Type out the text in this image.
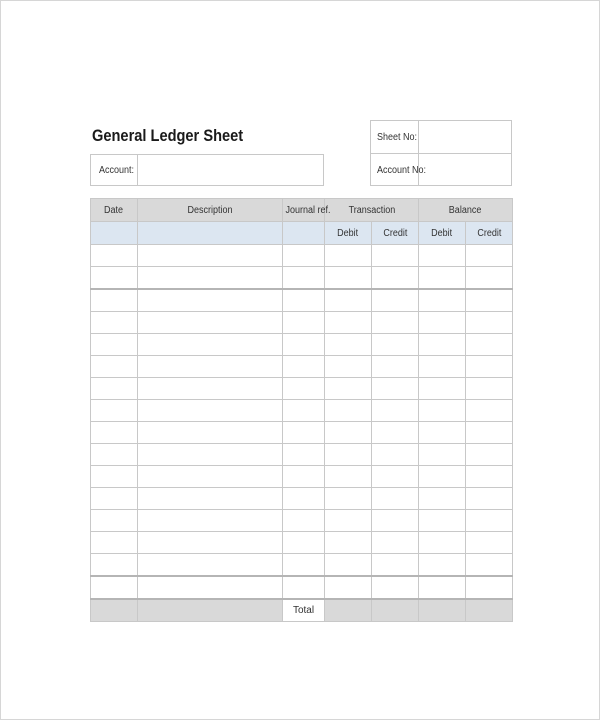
General Ledger Sheet
Account:
Sheet No:
Account No:
Date	Description	Journal ref.	Transaction		Balance	
			Debit	Credit	Debit	Credit

		Total				
